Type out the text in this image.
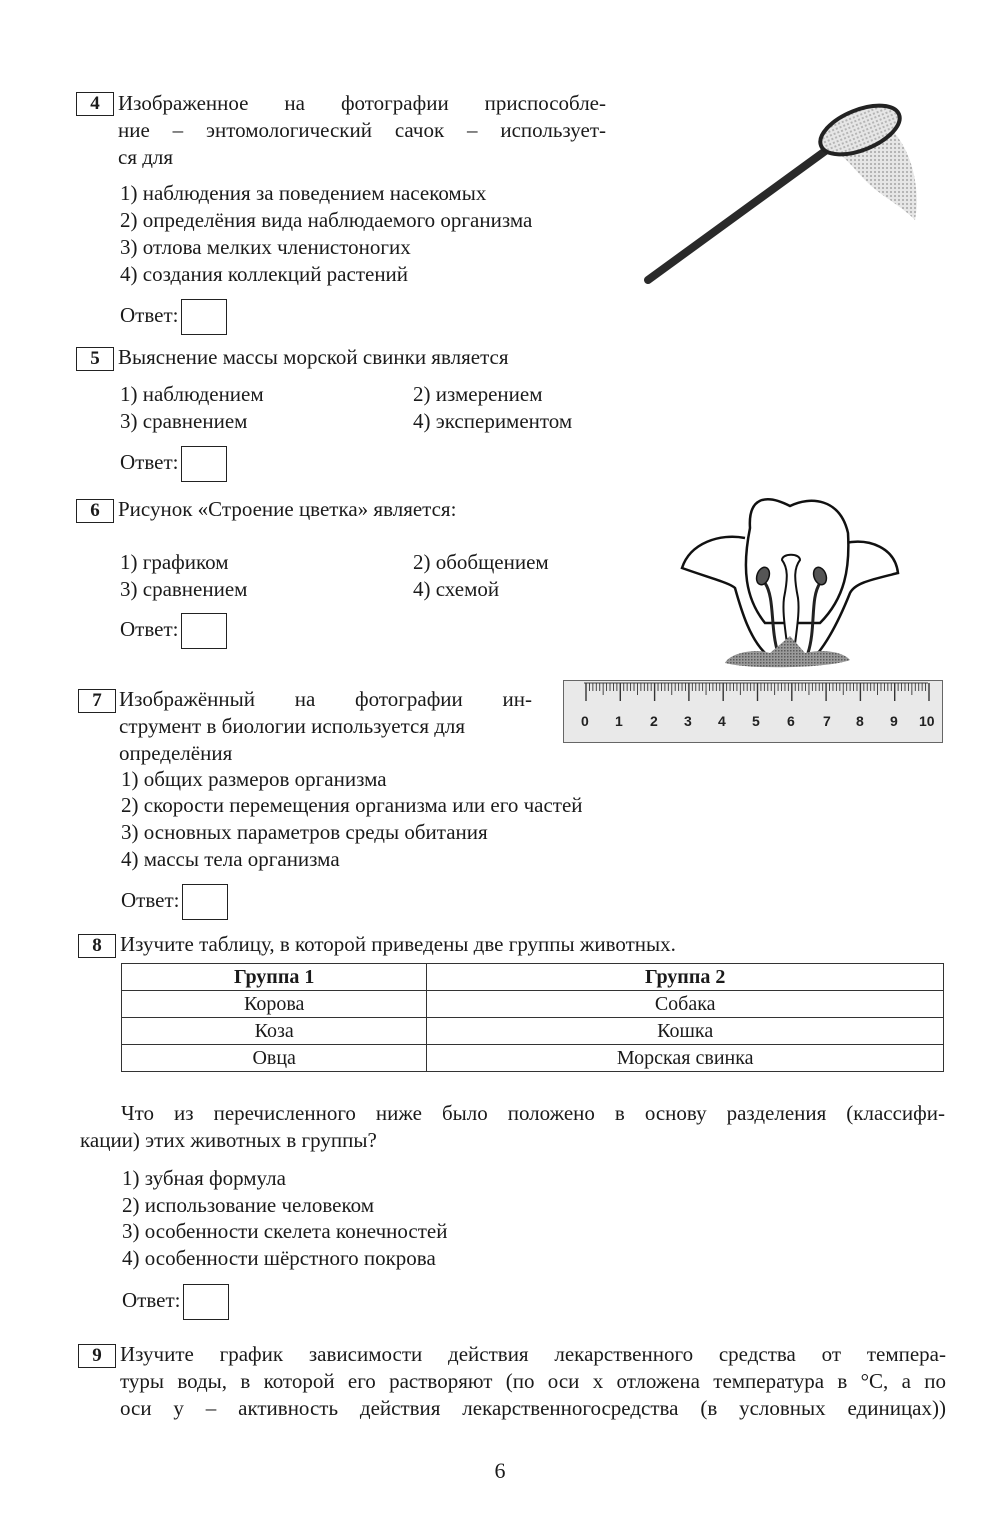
4 Изображенное на фотографии приспособле-
ние – энтомологический сачок – использует-
ся для
1) наблюдения за поведением насекомых
2) определёния вида наблюдаемого организма
3) отлова мелких членистоногих
4) создания коллекций растений
Ответ:
5 Выяснение массы морской свинки является
1) наблюдением	2) измерением
3) сравнением	4) экспериментом
Ответ:
6 Рисунок «Строение цветка» является:
1) графиком	2) обобщением
3) сравнением	4) схемой
Ответ:
7 Изображённый на фотографии ин-
струмент в биологии используется для
определёния
1) общих размеров организма
2) скорости перемещения организма или его частей
3) основных параметров среды обитания
4) массы тела организма
Ответ:
0 1 2 3 4 5 6 7 8 9 10
8 Изучите таблицу, в которой приведены две группы животных.
Группа 1	Группа 2
Корова	Собака
Коза	Кошка
Овца	Морская свинка
Что из перечисленного ниже было положено в основу разделения (классифи-
кации) этих животных в группы?
1) зубная формула
2) использование человеком
3) особенности скелета конечностей
4) особенности шёрстного покрова
Ответ:
9 Изучите график зависимости действия лекарственного средства от темпера-
туры воды, в которой его растворяют (по оси x отложена температура в °С, а по
оси y – активность действия лекарственногосредства (в условных единицах))
6
